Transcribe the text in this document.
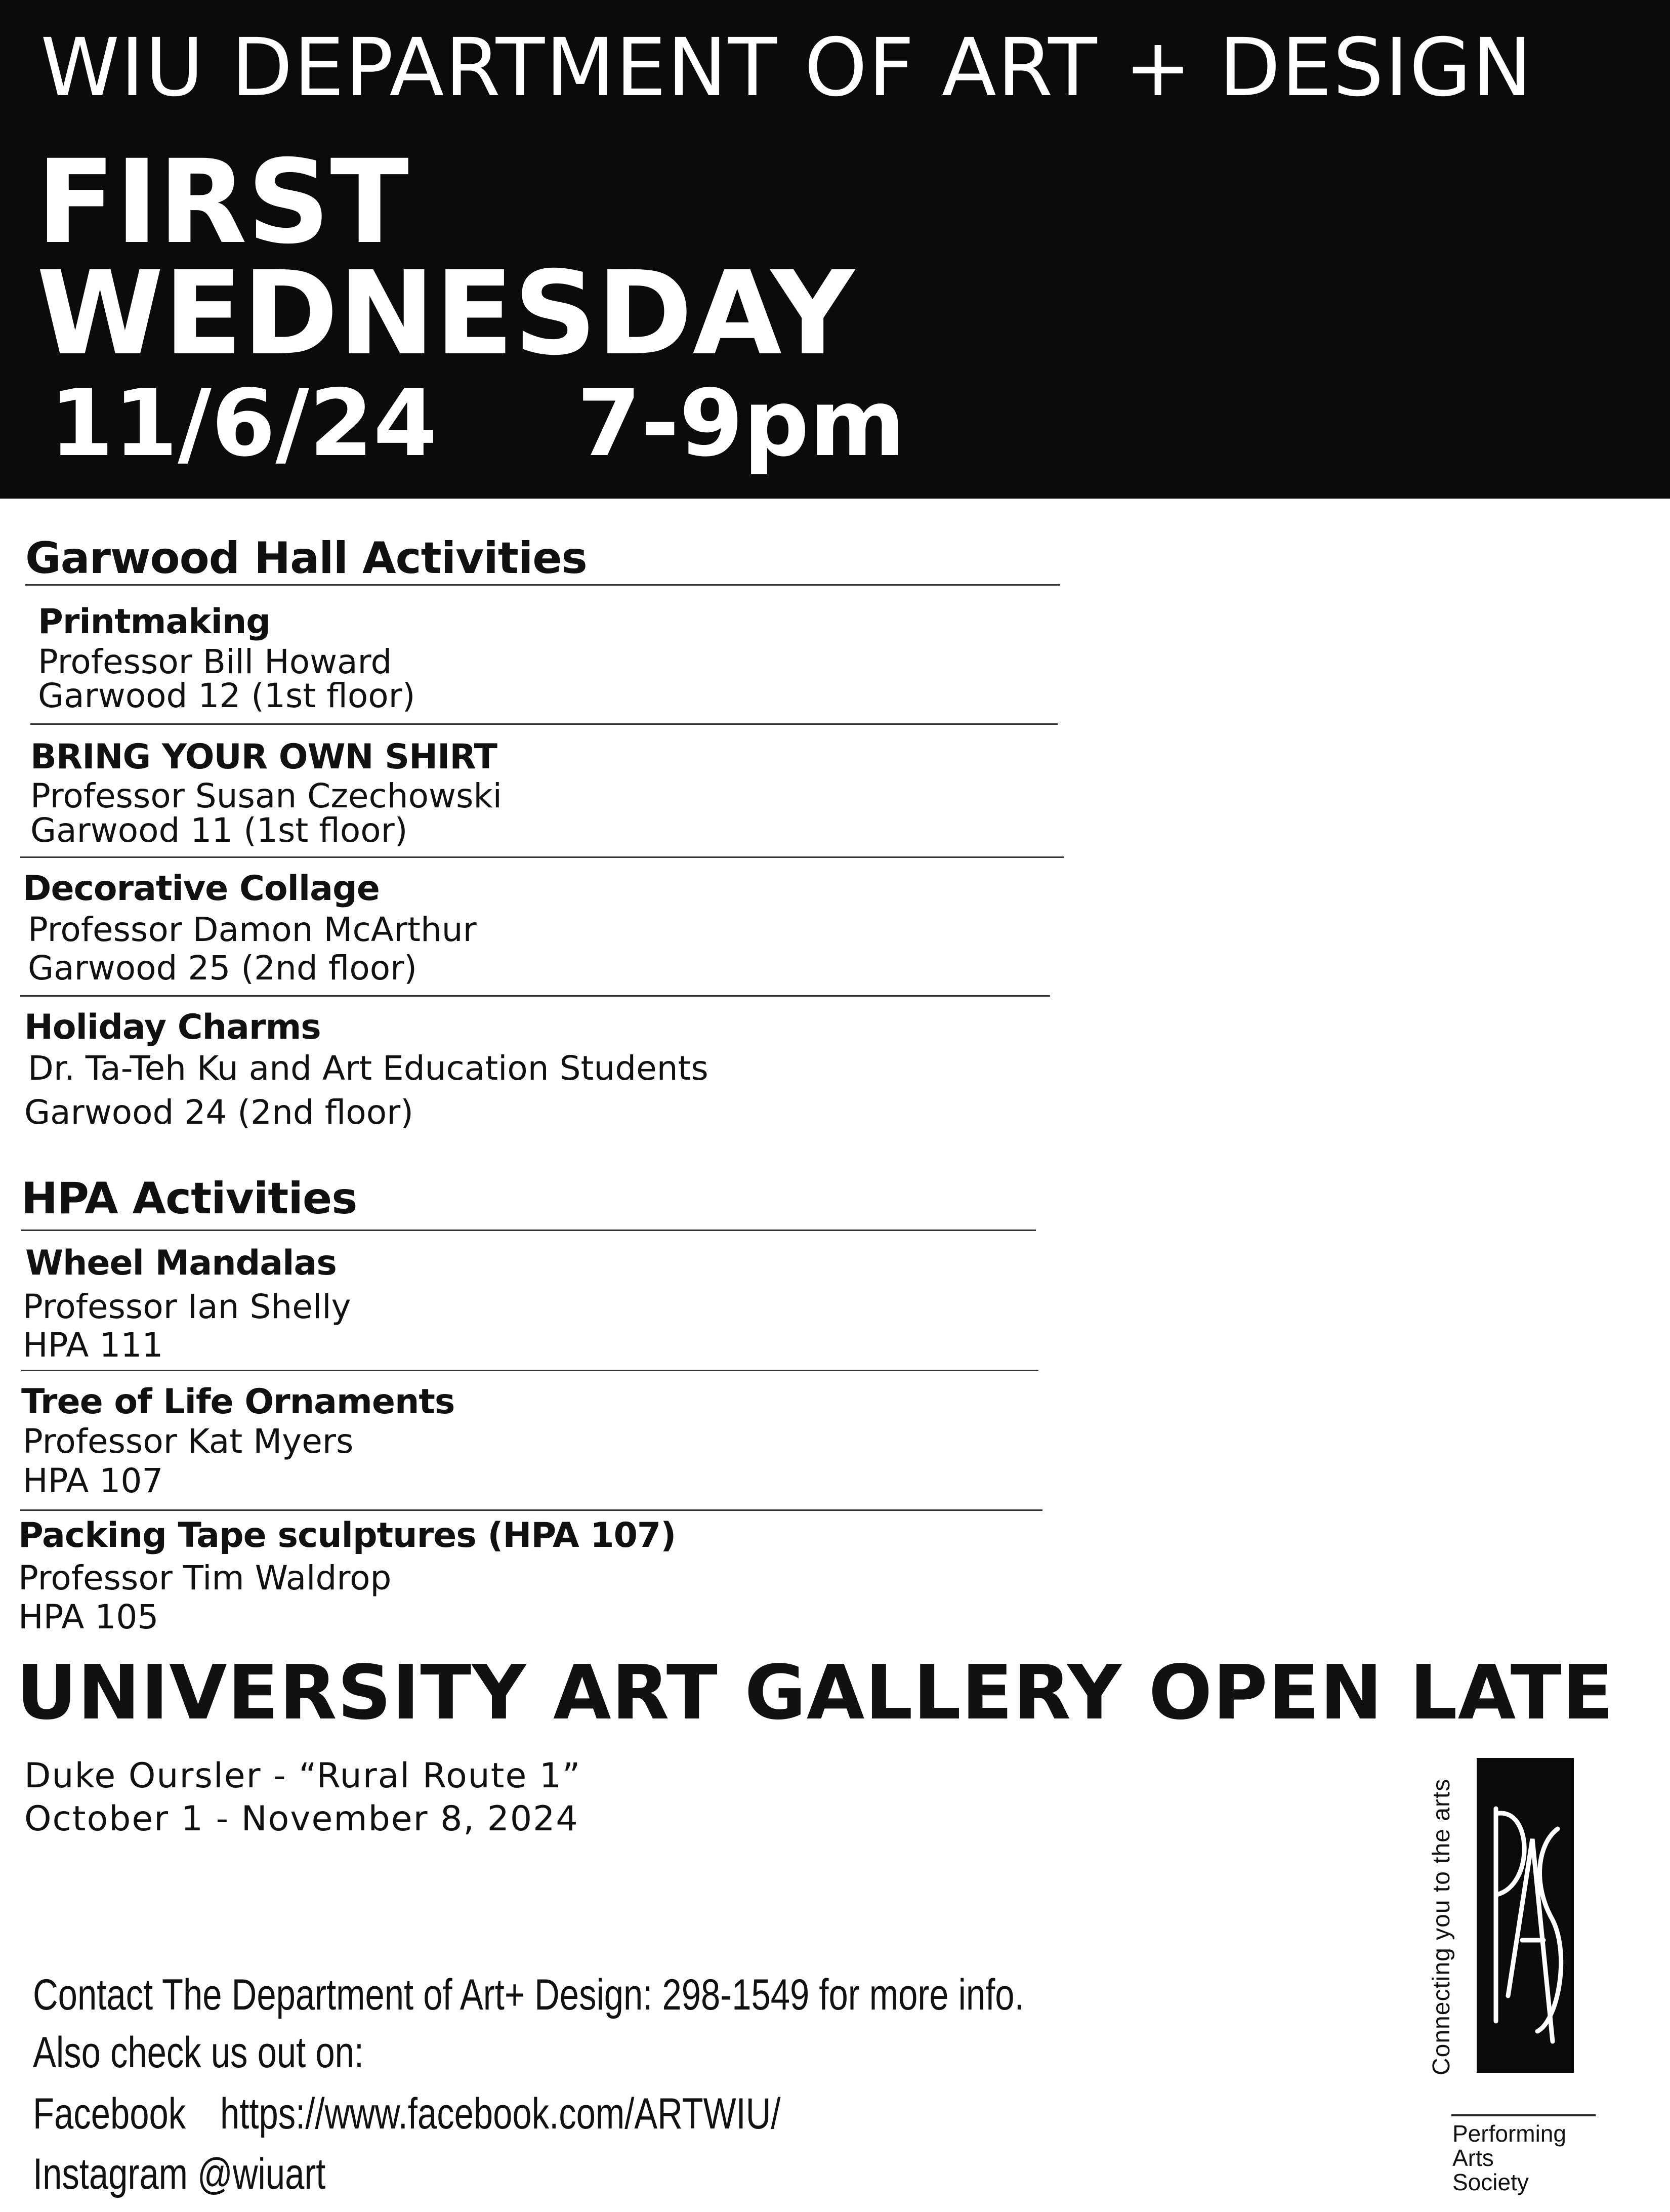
WIU DEPARTMENT OF ART + DESIGN
FIRST
WEDNESDAY
11/6/24 7-9pm
Garwood Hall Activities
Printmaking
Professor Bill Howard
Garwood 12 (1st floor)
BRING YOUR OWN SHIRT
Professor Susan Czechowski
Garwood 11 (1st floor)
Decorative Collage
Professor Damon McArthur
Garwood 25 (2nd floor)
Holiday Charms
Dr. Ta-Teh Ku and Art Education Students
Garwood 24 (2nd floor)
HPA Activities
Wheel Mandalas
Professor Ian Shelly
HPA 111
Tree of Life Ornaments
Professor Kat Myers
HPA 107
Packing Tape sculptures (HPA 107)
Professor Tim Waldrop
HPA 105
UNIVERSITY ART GALLERY OPEN LATE
Duke Oursler - “Rural Route 1”
October 1 - November 8, 2024
Contact The Department of Art+ Design: 298-1549 for more info.
Also check us out on:
Facebook https://www.facebook.com/ARTWIU/
Instagram @wiuart
Connecting you to the arts
Performing
Arts
Society
